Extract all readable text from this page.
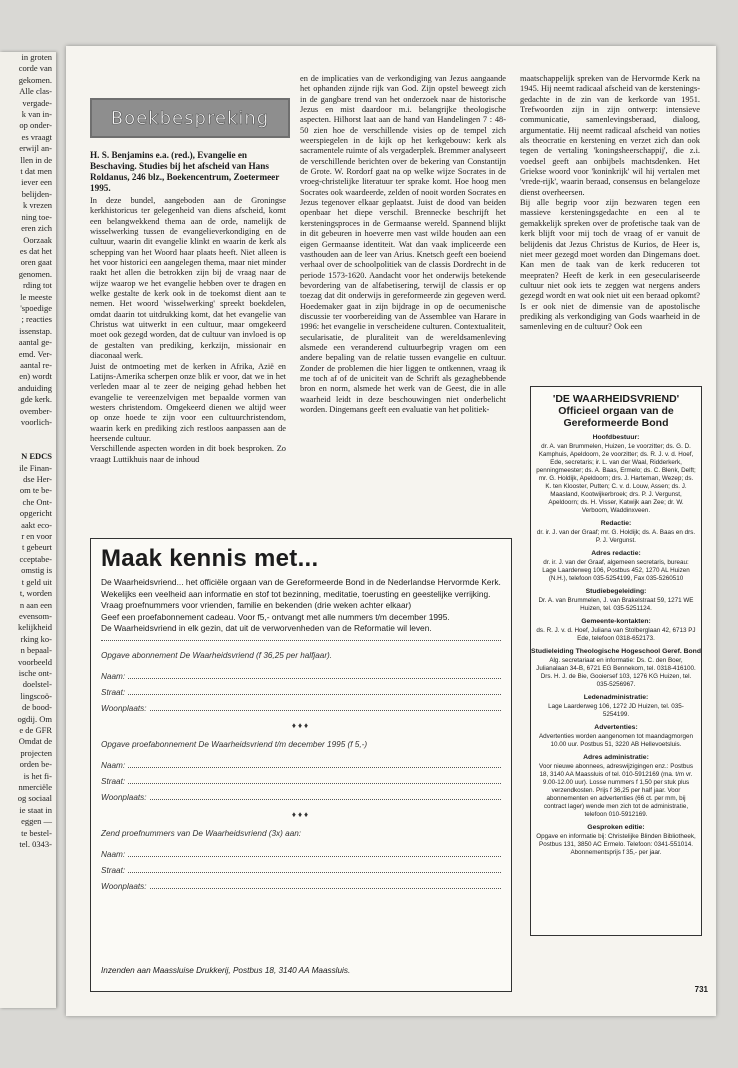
in groten

corde van

gekomen.

Alle clas-

vergade-

k van in-

op onder-

es vraagt

erwijl an-

llen in de

t dat men

iever een

belijden-

k vrezen

ning toe-

eren zich

Oorzaak

es dat het

oren gaat

genomen.

rding tot

le meeste

'spoedige

; reacties

issenstap.

aantal ge-

emd. Ver-

aantal re-

en) wordt

anduiding

gde kerk.

ovember-

voorlich-

N EDCS

ile Finan-

dse Her-

om te be-

che Ont-

opgericht

aakt eco-

r en voor

t gebeurt

cceptabe-

omstig is

t geld uit

t, worden

n aan een

evensom-

kelijkheid

rking ko-

n bepaal-

voorbeeld

ische ont-

doelstel-

lingscoö-

de bood-

ogdij. Om

e de GFR

Omdat de

projecten

orden be-

is het fi-

nmerciële

og sociaal

ie staat in

eggen —

te bestel-

tel. 0343-

Boekbespreking

H. S. Benjamins e.a. (red.), Evangelie en Beschaving. Studies bij het afscheid van Hans Roldanus, 246 blz., Boekencentrum, Zoetermeer 1995.

In deze bundel, aangeboden aan de Groningse kerkhistoricus ter gelegenheid van diens afscheid, komt een belangwekkend thema aan de orde, namelijk de wisselwerking tussen de evangelieverkondiging en de cultuur, waarin dit evangelie klinkt en waarin de kerk als schepping van het Woord haar plaats heeft. Niet alleen is het voor historici een aangelegen thema, maar niet minder raakt het allen die betrokken zijn bij de vraag naar de wijze waarop we het evangelie hebben over te dragen en welke gestalte de kerk ook in de toekomst dient aan te nemen. Het woord 'wisselwerking' spreekt boekdelen, omdat daarin tot uitdrukking komt, dat het evangelie van Christus wat uitwerkt in een cultuur, maar omgekeerd moet ook gezegd worden, dat de cultuur van invloed is op de gestalten van prediking, kerkzijn, missionair en diaconaal werk.

Juist de ontmoeting met de kerken in Afrika, Azië en Latijns-Amerika scherpen onze blik er voor, dat we in het verleden maar al te zeer de neiging gehad hebben het evangelie te vereenzelvigen met bepaalde vormen van westers christendom. Omgekeerd dienen we altijd weer op onze hoede te zijn voor een cultuurchristendom, waarin kerk en prediking zich restloos aanpassen aan de heersende cultuur.

Verschillende aspecten worden in dit boek besproken. Zo vraagt Luttikhuis naar de inhoud

en de implicaties van de verkondiging van Jezus aangaande het ophanden zijnde rijk van God. Zijn opstel beweegt zich in de gangbare trend van het onderzoek naar de historische Jezus en mist daardoor m.i. belangrijke theologische aspecten. Hilhorst laat aan de hand van Handelingen 7 : 48-50 zien hoe de verschillende visies op de tempel zich weerspiegelen in de kijk op het kerkgebouw: kerk als sacramentele ruimte of als vergaderplek. Bremmer analyseert de verschillende berichten over de bekering van Constantijn de Grote. W. Rordorf gaat na op welke wijze Socrates in de vroeg-christelijke literatuur ter sprake komt. Hoe hoog men Socrates ook waardeerde, zelden of nooit worden Socrates en Jezus tegenover elkaar geplaatst. Juist de dood van beiden openbaar het diepe verschil. Brennecke beschrijft het kersteningsproces in de Germaanse wereld. Spannend blijkt in dit gebeuren in hoeverre men vast wilde houden aan een eigen Germaanse identiteit. Wat dan vaak impliceerde een vasthouden aan de leer van Arius. Knetsch geeft een boeiend verhaal over de schoolpolitiek van de classis Dordrecht in de periode 1573-1620. Aandacht voor het onderwijs betekende bevordering van de alfabetisering, terwijl de classis er op toezag dat dit onderwijs in gereformeerde zin gegeven werd. Hoedemaker gaat in zijn bijdrage in op de oecumenische discussie ter voorbereiding van de Assemblee van Harare in 1996: het evangelie in verscheidene culturen. Contextualiteit, secularisatie, de pluraliteit van de wereldsamenleving alsmede een veranderend cultuurbegrip vragen om een andere bepaling van de relatie tussen evangelie en cultuur. Zonder de problemen die hier liggen te ontkennen, vraag ik me toch af of de uniciteit van de Schrift als gezaghebbende bron en norm, alsmede het werk van de Geest, die in alle waarheid leidt in deze beschouwingen niet onderbelicht worden. Dingemans geeft een evaluatie van het politiek-

maatschappelijk spreken van de Hervormde Kerk na 1945. Hij neemt radicaal afscheid van de kersteningsgedachte in de zin van de kerkorde van 1951. Trefwoorden zijn in zijn ontwerp: intensieve communicatie, samenlevingsberaad, dialoog, argumentatie. Hij neemt radicaal afscheid van noties als theocratie en kerstening en verzet zich dan ook tegen de vertaling 'koningsheerschappij', die z.i. voedsel geeft aan onbijbels machtsdenken. Het Griekse woord voor 'koninkrijk' wil hij vertalen met 'vrede-rijk', waarin beraad, consensus en belangeloze dienst overheersen.

Bij alle begrip voor zijn bezwaren tegen een massieve kersteningsgedachte en een al te gemakkelijk spreken over de profetische taak van de kerk blijft voor mij toch de vraag of er vanuit de belijdenis dat Jezus Christus de Kurios, de Heer is, niet meer gezegd moet worden dan Dingemans doet. Kan men de taak van de kerk reduceren tot meepraten? Heeft de kerk in een geseculariseerde cultuur niet ook iets te zeggen wat nergens anders gezegd wordt en wat ook niet uit een beraad opkomt? Is er ook niet de dimensie van de apostolische prediking als verkondiging van Gods waarheid in de samenleving en de cultuur? Ook een

Maak kennis met...

De Waarheidsvriend... het officiële orgaan van de Gereformeerde Bond in de Nederlandse Hervormde Kerk.

Wekelijks een veelheid aan informatie en stof tot bezinning, meditatie, toerusting en geestelijke verrijking.

Vraag proefnummers voor vrienden, familie en bekenden (drie weken achter elkaar)

Geef een proefabonnement cadeau. Voor f5,- ontvangt met alle nummers t/m december 1995.

De Waarheidsvriend in elk gezin, dat uit de verworvenheden van de Reformatie wil leven.

Opgave abonnement De Waarheidsvriend (f 36,25 per halfjaar).
Naam:
Straat:
Woonplaats:
♦♦♦
Opgave proefabonnement De Waarheidsvriend t/m december 1995 (f 5,-)
Naam:
Straat:
Woonplaats:
♦♦♦
Zend proefnummers van De Waarheidsvriend (3x) aan:
Naam:
Straat:
Woonplaats:
Inzenden aan Maassluise Drukkerij, Postbus 18, 3140 AA Maassluis.
'DE WAARHEIDSVRIEND'
Officieel orgaan van de Gereformeerde Bond
Hoofdbestuur:

dr. A. van Brummelen, Huizen, 1e voorzitter; ds. G. D. Kamphuis, Apeldoorn, 2e voorzitter; ds. R. J. v. d. Hoef, Ede, secretaris; ir. L. van der Waal, Ridderkerk, penningmeester; ds. A. Baas, Ermelo; ds. C. Blenk, Delft; mr. G. Holdijk, Apeldoorn; drs. J. Harteman, Wezep; ds. K. ten Klooster, Putten; C. v. d. Louw, Assen; ds. J. Maasland, Kootwijkerbroek; drs. P. J. Vergunst, Apeldoorn; ds. H. Visser, Katwijk aan Zee; dr. W. Verboom, Waddinxveen.

Redactie:

dr. ir. J. van der Graaf; mr. G. Holdijk; ds. A. Baas en drs. P. J. Vergunst.

Adres redactie:

dr. ir. J. van der Graaf, algemeen secretaris, bureau: Lage Laarderweg 106, Postbus 452, 1270 AL Huizen (N.H.), telefoon 035-5254199, Fax 035-5260510

Studiebegeleiding:

Dr. A. van Brummelen, J. van Brakelstraat 59, 1271 WE Huizen, tel. 035-5251124.

Gemeente-kontakten:

ds. R. J. v. d. Hoef, Juliana van Stolberglaan 42, 6713 PJ Ede, telefoon 0318-652173.

Studieleiding Theologische Hogeschool Geref. Bond

Alg. secretariaat en informatie: Ds. C. den Boer, Julianalaan 34-B, 6721 EG Bennekom, tel. 0318-416100. Drs. H. J. de Bie, Gooiersef 103, 1276 KG Huizen, tel. 035-5256967.

Ledenadministratie:

Lage Laarderweg 106, 1272 JD Huizen, tel. 035-5254199.

Advertenties:

Advertenties worden aangenomen tot maandagmorgen 10.00 uur. Postbus 51, 3220 AB Hellevoetsluis.

Adres administratie:

Voor nieuwe abonnees, adreswijzigingen enz.: Postbus 18, 3140 AA Maassluis of tel. 010-5912169 (ma. t/m vr. 9.00-12.00 uur). Losse nummers f 1,50 per stuk plus verzendkosten. Prijs f 36,25 per half jaar. Voor abonnementen en advertenties (66 ct. per mm, bij contract lager) wende men zich tot de administratie, telefoon 010-5912169.

Gesproken editie:

Opgave en informatie bij: Christelijke Blinden Bibliotheek, Postbus 131, 3850 AC Ermelo. Telefoon: 0341-551014. Abonnementsprijs f 35,- per jaar.

731
